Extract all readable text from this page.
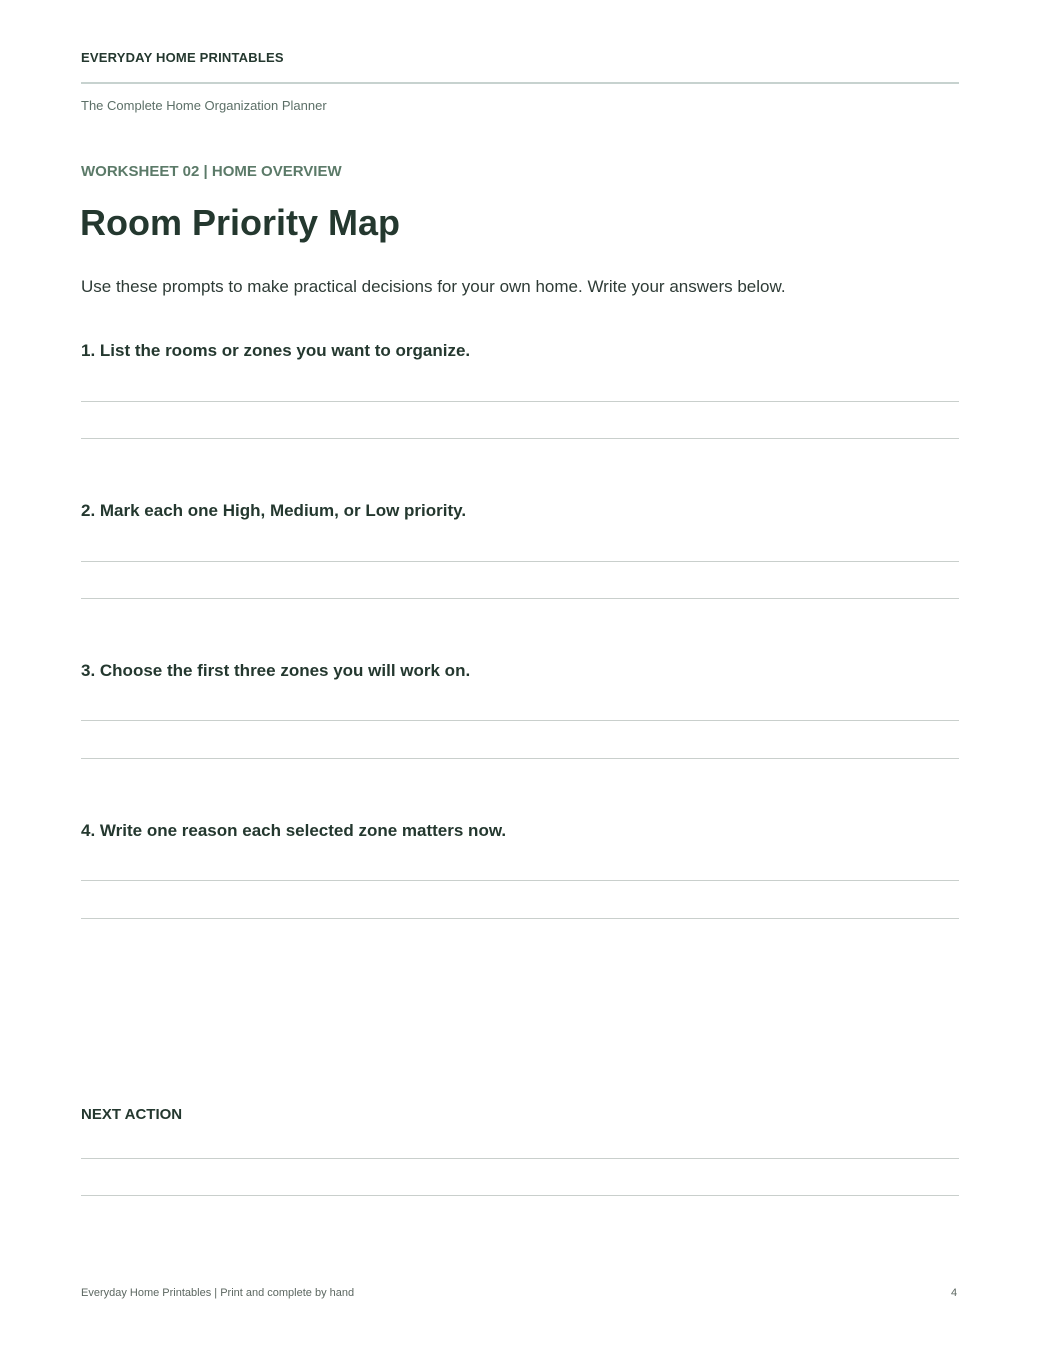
EVERYDAY HOME PRINTABLES
The Complete Home Organization Planner
WORKSHEET 02 | HOME OVERVIEW
Room Priority Map
Use these prompts to make practical decisions for your own home. Write your answers below.
1. List the rooms or zones you want to organize.
2. Mark each one High, Medium, or Low priority.
3. Choose the first three zones you will work on.
4. Write one reason each selected zone matters now.
NEXT ACTION
Everyday Home Printables | Print and complete by hand	4
